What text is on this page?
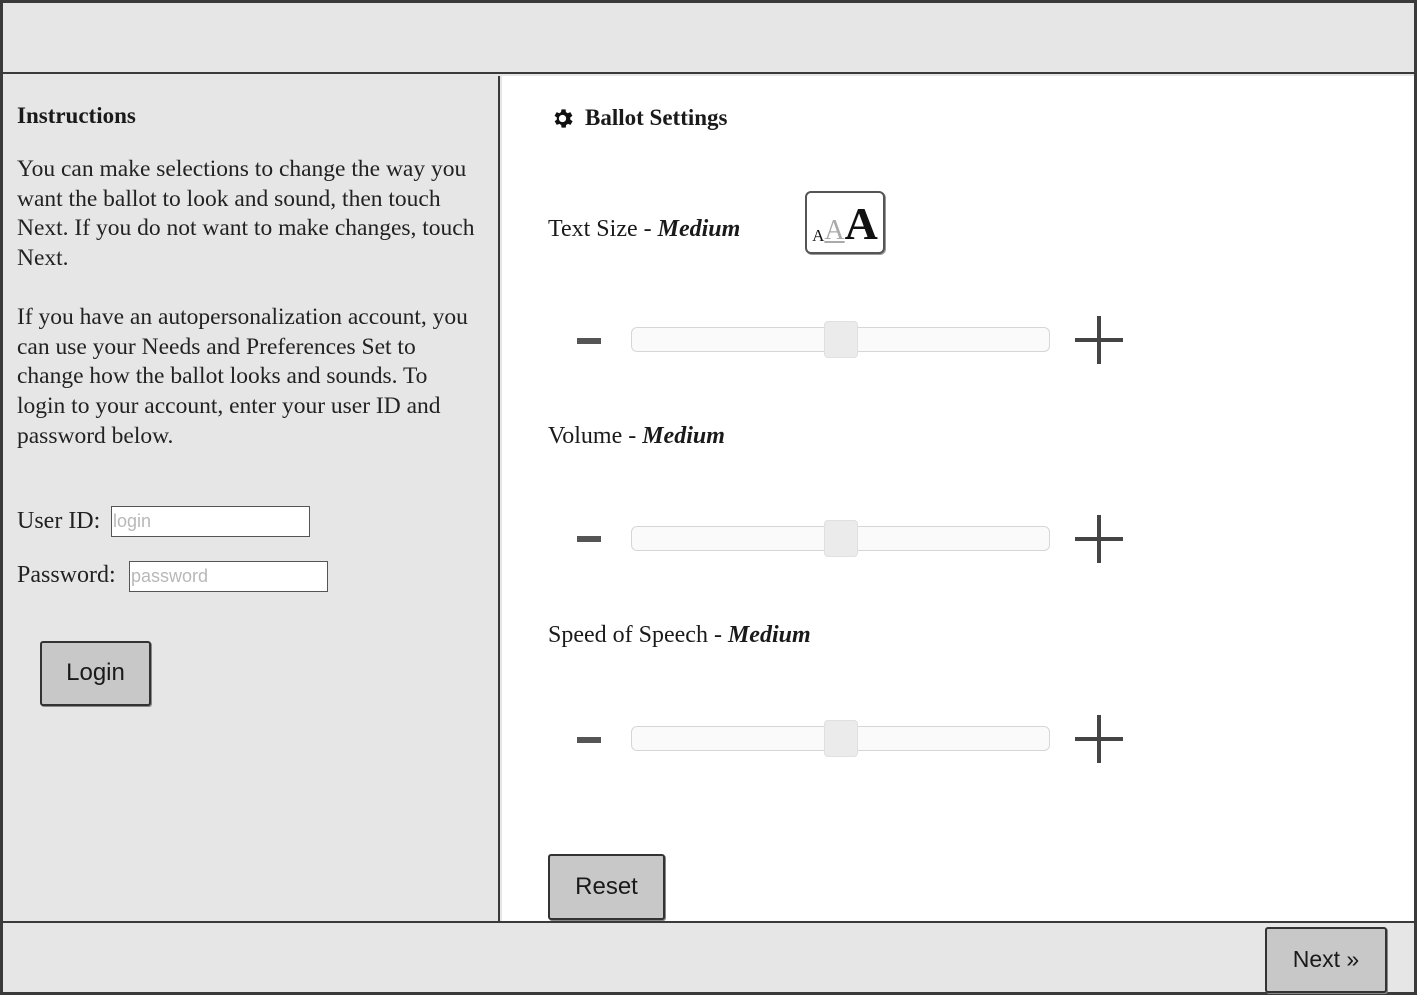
Instructions
You can make selections to change the way you want the ballot to look and sound, then touch Next. If you do not want to make changes, touch Next.
If you have an autopersonalization account, you can use your Needs and Preferences Set to change how the ballot looks and sounds. To login to your account, enter your user ID and password below.
User ID:
login
Password:
Login
Ballot Settings
Text Size - Medium	A A A
Volume - Medium
Speed of Speech - Medium
Reset
Next »
